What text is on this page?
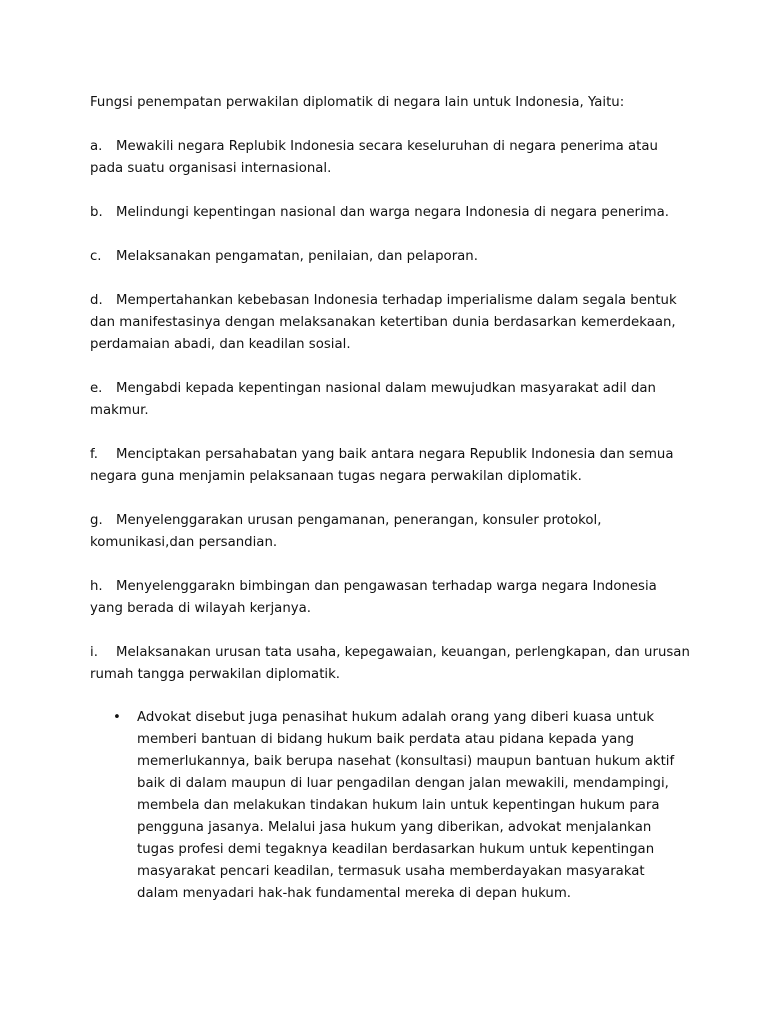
Fungsi penempatan perwakilan diplomatik di negara lain untuk Indonesia, Yaitu:

a. Mewakili negara Replubik Indonesia secara keseluruhan di negara penerima atau pada suatu organisasi internasional.

b. Melindungi kepentingan nasional dan warga negara Indonesia di negara penerima.

c. Melaksanakan pengamatan, penilaian, dan pelaporan.

d. Mempertahankan kebebasan Indonesia terhadap imperialisme dalam segala bentuk dan manifestasinya dengan melaksanakan ketertiban dunia berdasarkan kemerdekaan, perdamaian abadi, dan keadilan sosial.

e. Mengabdi kepada kepentingan nasional dalam mewujudkan masyarakat adil dan makmur.

f. Menciptakan persahabatan yang baik antara negara Republik Indonesia dan semua negara guna menjamin pelaksanaan tugas negara perwakilan diplomatik.

g. Menyelenggarakan urusan pengamanan, penerangan, konsuler protokol, komunikasi,dan persandian.

h. Menyelenggarakn bimbingan dan pengawasan terhadap warga negara Indonesia yang berada di wilayah kerjanya.

i. Melaksanakan urusan tata usaha, kepegawaian, keuangan, perlengkapan, dan urusan rumah tangga perwakilan diplomatik.

• Advokat disebut juga penasihat hukum adalah orang yang diberi kuasa untuk memberi bantuan di bidang hukum baik perdata atau pidana kepada yang memerlukannya, baik berupa nasehat (konsultasi) maupun bantuan hukum aktif baik di dalam maupun di luar pengadilan dengan jalan mewakili, mendampingi, membela dan melakukan tindakan hukum lain untuk kepentingan hukum para pengguna jasanya. Melalui jasa hukum yang diberikan, advokat menjalankan tugas profesi demi tegaknya keadilan berdasarkan hukum untuk kepentingan masyarakat pencari keadilan, termasuk usaha memberdayakan masyarakat dalam menyadari hak-hak fundamental mereka di depan hukum.
